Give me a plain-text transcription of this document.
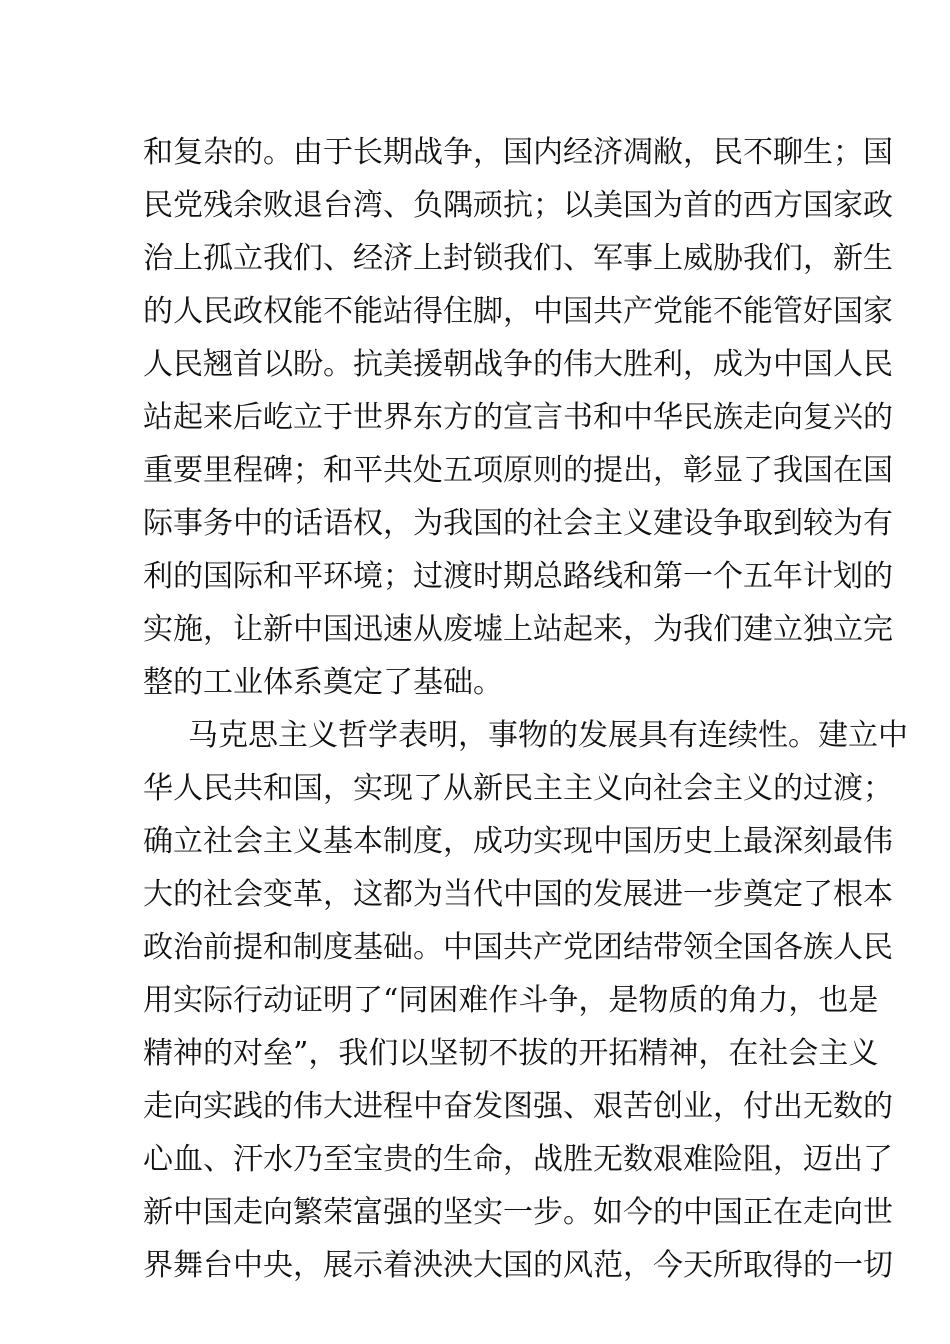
和复杂的。由于长期战争，国内经济凋敝，民不聊生；国
民党残余败退台湾、负隅顽抗；以美国为首的西方国家政
治上孤立我们、经济上封锁我们、军事上威胁我们，新生
的人民政权能不能站得住脚，中国共产党能不能管好国家
人民翘首以盼。抗美援朝战争的伟大胜利，成为中国人民
站起来后屹立于世界东方的宣言书和中华民族走向复兴的
重要里程碑；和平共处五项原则的提出，彰显了我国在国
际事务中的话语权，为我国的社会主义建设争取到较为有
利的国际和平环境；过渡时期总路线和第一个五年计划的
实施，让新中国迅速从废墟上站起来，为我们建立独立完
整的工业体系奠定了基础。
马克思主义哲学表明，事物的发展具有连续性。建立中
华人民共和国，实现了从新民主主义向社会主义的过渡；
确立社会主义基本制度，成功实现中国历史上最深刻最伟
大的社会变革，这都为当代中国的发展进一步奠定了根本
政治前提和制度基础。中国共产党团结带领全国各族人民
用实际行动证明了“同困难作斗争，是物质的角力，也是
精神的对垒”，我们以坚韧不拔的开拓精神，在社会主义
走向实践的伟大进程中奋发图强、艰苦创业，付出无数的
心血、汗水乃至宝贵的生命，战胜无数艰难险阻，迈出了
新中国走向繁荣富强的坚实一步。如今的中国正在走向世
界舞台中央，展示着泱泱大国的风范，今天所取得的一切
